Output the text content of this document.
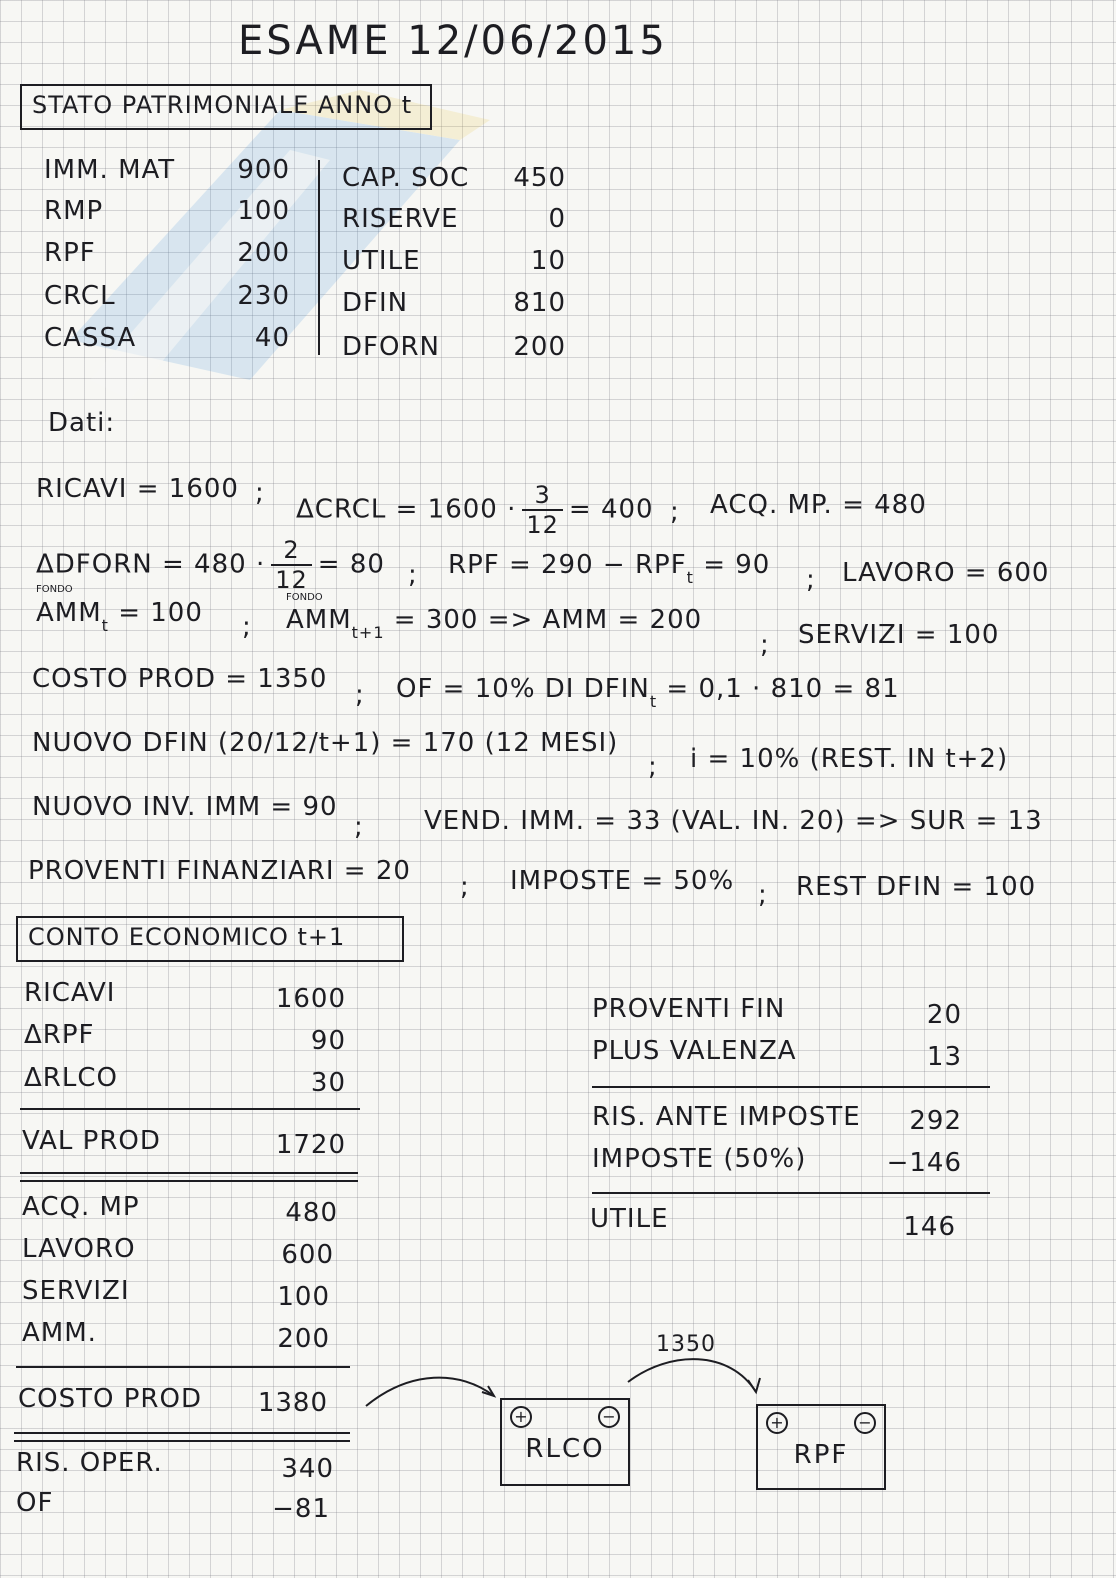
ESAME 12/06/2015
STATO PATRIMONIALE ANNO t
IMM. MAT	900
RMP	100
RPF	200
CRCL	230
CASSA	40
CAP. SOC	450
RISERVE	0
UTILE	10
DFIN	810
DFORN	200
Dati:
RICAVI = 1600 ;
ΔCRCL = $1600 \cdot \frac{3}{12} = 400$ ; ACQ. MP. = 480
ΔDFORN = $480 \cdot \frac{2}{12} = 80$ ; RPF = $290 - RPF_t = 90$ ; LAVORO = 600
FONDO
$AMM_t = 100$ ;
FONDO
$AMM_{t+1} = 300$ => AMM = 200
; SERVIZI = 100
COSTO PROD = 1350
; OF = 10% DI $DFIN_t = 0,1 \cdot 810 = 81$
NUOVO DFIN (20/12/t+1) = 170 (12 MESI)
; i = 10% (REST. IN t+2)
NUOVO INV. IMM = 90
; VEND. IMM. = 33 (VAL. IN. 20) => SUR = 13
PROVENTI FINANZIARI = 20
; IMPOSTE = 50% ; REST DFIN = 100
CONTO ECONOMICO t+1
RICAVI	1600
ΔRPF	90
ΔRLCO	30
VAL PROD	1720
ACQ. MP	480
LAVORO	600
SERVIZI	100
AMM.	200
COSTO PROD	1380
RIS. OPER.	340
OF	−81
PROVENTI FIN	20
PLUS VALENZA	13
RIS. ANTE IMPOSTE	292
IMPOSTE (50%)	−146
UTILE	146
1350
+	−
RLCO
+	−
RPF
